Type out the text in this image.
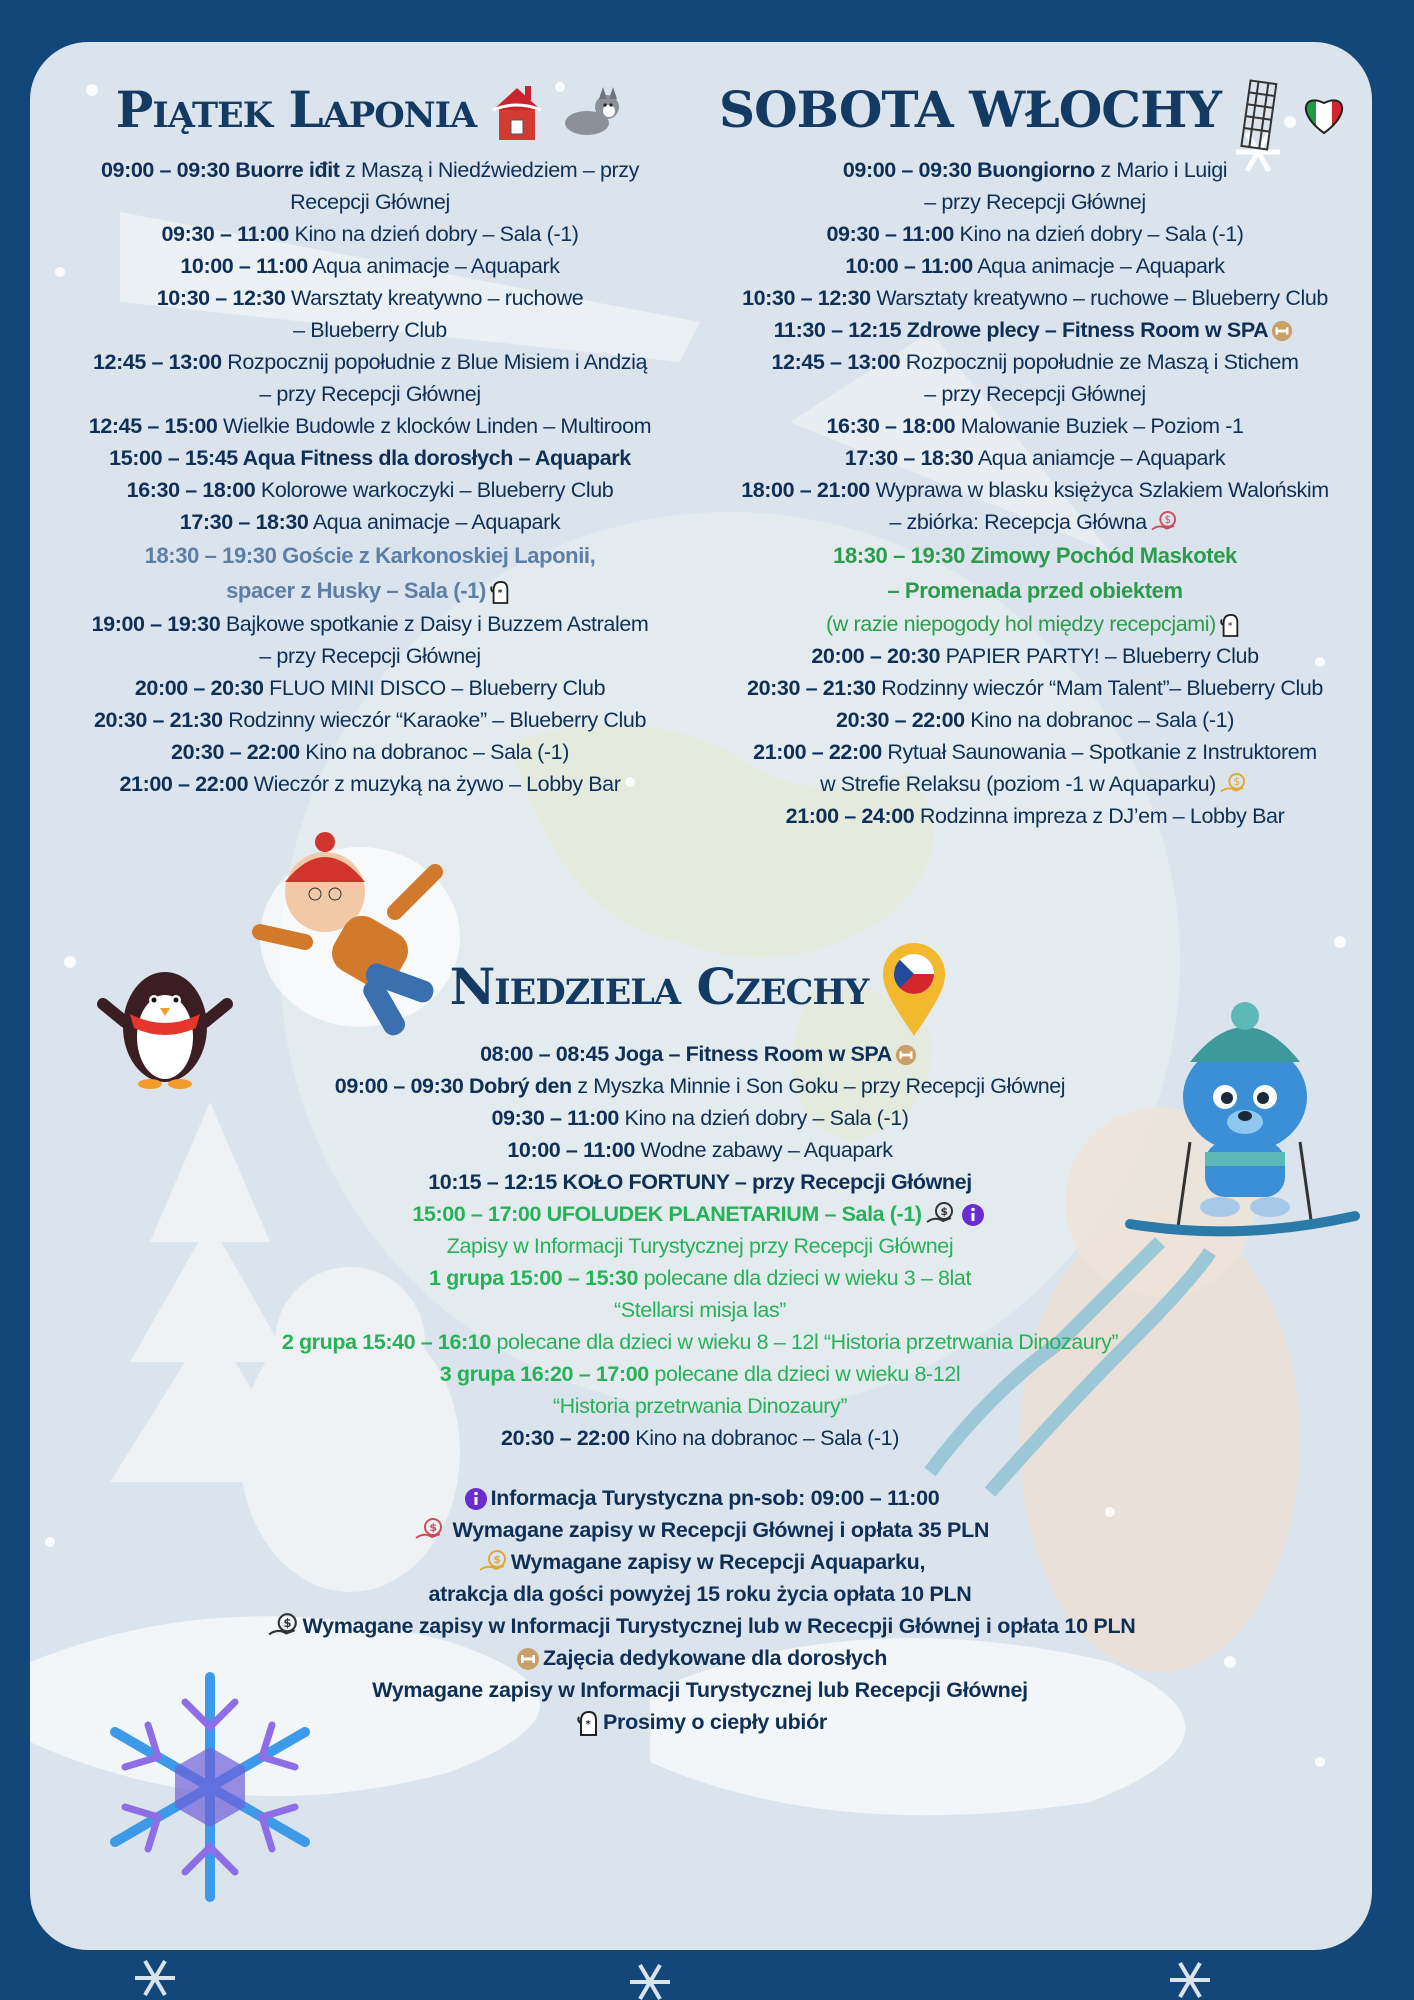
Piątek Laponia
09:00 – 09:30 Buorre iđit z Maszą i Niedźwiedziem – przy
Recepcji Głównej
09:30 – 11:00 Kino na dzień dobry – Sala (-1)
10:00 – 11:00 Aqua animacje – Aquapark
10:30 – 12:30 Warsztaty kreatywno – ruchowe
– Blueberry Club
12:45 – 13:00 Rozpocznij popołudnie z Blue Misiem i Andzią
– przy Recepcji Głównej
12:45 – 15:00 Wielkie Budowle z klocków Linden – Multiroom
15:00 – 15:45 Aqua Fitness dla dorosłych – Aquapark
16:30 – 18:00 Kolorowe warkoczyki – Blueberry Club
17:30 – 18:30 Aqua animacje – Aquapark
18:30 – 19:30 Goście z Karkonoskiej Laponii,
spacer z Husky – Sala (-1) *
19:00 – 19:30 Bajkowe spotkanie z Daisy i Buzzem Astralem
– przy Recepcji Głównej
20:00 – 20:30 FLUO MINI DISCO – Blueberry Club
20:30 – 21:30 Rodzinny wieczór “Karaoke” – Blueberry Club
20:30 – 22:00 Kino na dobranoc – Sala (-1)
21:00 – 22:00 Wieczór z muzyką na żywo – Lobby Bar
SOBOTA WŁOCHY
09:00 – 09:30 Buongiorno z Mario i Luigi
– przy Recepcji Głównej
09:30 – 11:00 Kino na dzień dobry – Sala (-1)
10:00 – 11:00 Aqua animacje – Aquapark
10:30 – 12:30 Warsztaty kreatywno – ruchowe – Blueberry Club
11:30 – 12:15 Zdrowe plecy – Fitness Room w SPA
12:45 – 13:00 Rozpocznij popołudnie ze Maszą i Stichem
– przy Recepcji Głównej
16:30 – 18:00 Malowanie Buziek – Poziom -1
17:30 – 18:30 Aqua aniamcje – Aquapark
18:00 – 21:00 Wyprawa w blasku księżyca Szlakiem Walońskim
– zbiórka: Recepcja Główna $
18:30 – 19:30 Zimowy Pochód Maskotek
– Promenada przed obiektem
(w razie niepogody hol między recepcjami) *
20:00 – 20:30 PAPIER PARTY! – Blueberry Club
20:30 – 21:30 Rodzinny wieczór “Mam Talent”– Blueberry Club
20:30 – 22:00 Kino na dobranoc – Sala (-1)
21:00 – 22:00 Rytuał Saunowania – Spotkanie z Instruktorem
w Strefie Relaksu (poziom -1 w Aquaparku) $
21:00 – 24:00 Rodzinna impreza z DJ’em – Lobby Bar
Niedziela Czechy
08:00 – 08:45 Joga – Fitness Room w SPA
09:00 – 09:30 Dobrý den z Myszka Minnie i Son Goku – przy Recepcji Głównej
09:30 – 11:00 Kino na dzień dobry – Sala (-1)
10:00 – 11:00 Wodne zabawy – Aquapark
10:15 – 12:15 KOŁO FORTUNY – przy Recepcji Głównej
15:00 – 17:00 UFOLUDEK PLANETARIUM – Sala (-1) $
Zapisy w Informacji Turystycznej przy Recepcji Głównej
1 grupa 15:00 – 15:30 polecane dla dzieci w wieku 3 – 8lat
“Stellarsi misja las”
2 grupa 15:40 – 16:10 polecane dla dzieci w wieku 8 – 12l “Historia przetrwania Dinozaury”
3 grupa 16:20 – 17:00 polecane dla dzieci w wieku 8-12l
“Historia przetrwania Dinozaury”
20:30 – 22:00 Kino na dobranoc – Sala (-1)
Informacja Turystyczna pn-sob: 09:00 – 11:00
$ Wymagane zapisy w Recepcji Głównej i opłata 35 PLN
$ Wymagane zapisy w Recepcji Aquaparku,
atrakcja dla gości powyżej 15 roku życia opłata 10 PLN
$ Wymagane zapisy w Informacji Turystycznej lub w Rececpji Głównej i opłata 10 PLN
Zajęcia dedykowane dla dorosłych
Wymagane zapisy w Informacji Turystycznej lub Recepcji Głównej
* Prosimy o ciepły ubiór
